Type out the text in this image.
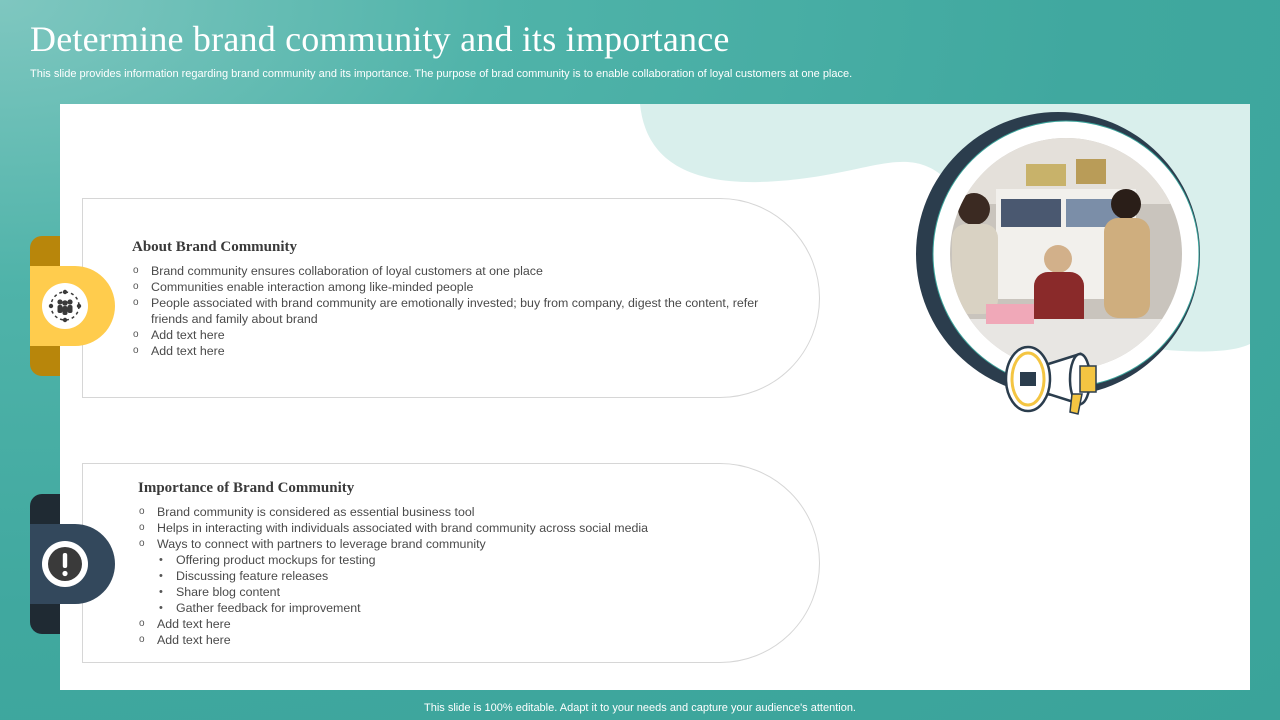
Determine brand community and its importance

This slide provides information regarding brand community and its importance. The purpose of brad community is to enable collaboration of loyal customers at one place.

About Brand Community
o Brand community ensures collaboration of loyal customers at one place
o Communities enable interaction among like-minded people
o People associated with brand community are emotionally invested; buy from company, digest the content, refer friends and family about brand
o Add text here
o Add text here
Importance of Brand Community
o Brand community is considered as essential business tool
o Helps in interacting with individuals associated with brand community across social media
o Ways to connect with partners to leverage brand community
• Offering product mockups for testing
• Discussing feature releases
• Share blog content
• Gather feedback for improvement
o Add text here
o Add text here
This slide is 100% editable. Adapt it to your needs and capture your audience's attention.
